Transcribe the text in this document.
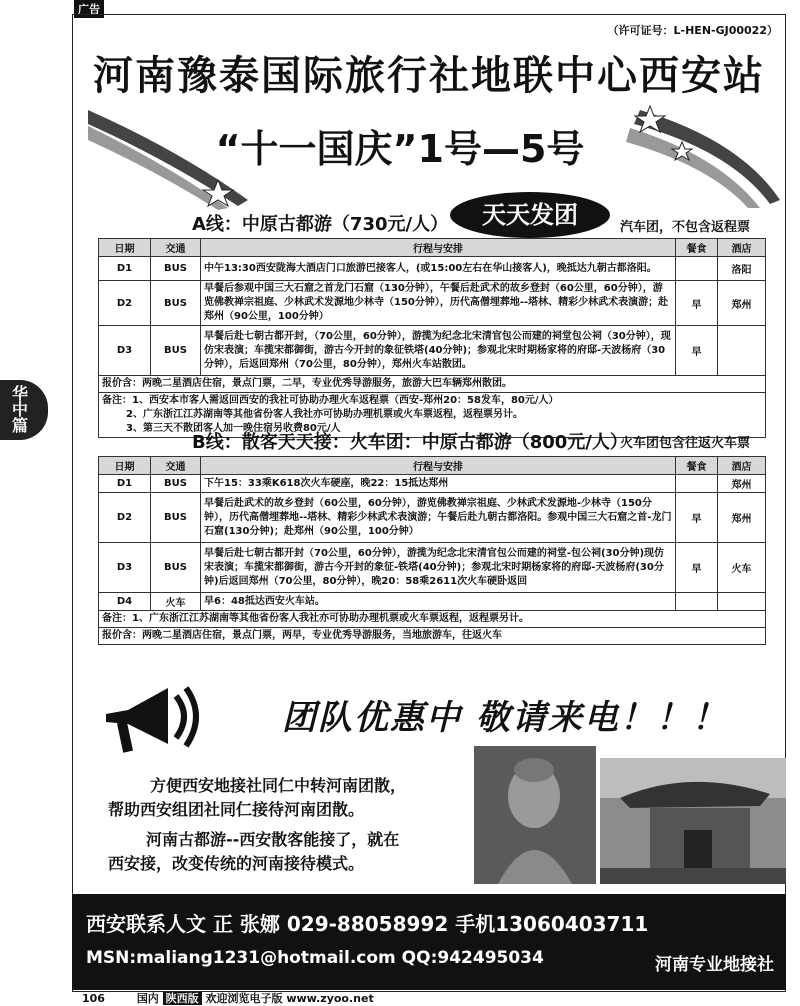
广告
（许可证号：L-HEN-GJ00022）
河南豫泰国际旅行社地联中心西安站
“十一国庆”1号—5号
天天发团
华中篇
A线：中原古都游（730元/人）	汽车团，不包含返程票
日期	交通	行程与安排	餐食	酒店
D1	BUS	中午13:30西安陇海大酒店门口旅游巴接客人，(或15:00左右在华山接客人)，晚抵达九朝古都洛阳。		洛阳
D2	BUS	早餐后参观中国三大石窟之首龙门石窟（130分钟），午餐后赴武术的故乡登封（60公里，60分钟），游览佛教禅宗祖庭、少林武术发源地少林寺（150分钟），历代高僧埋葬地--塔林、精彩少林武术表演游；赴郑州（90公里，100分钟）	早	郑州
D3	BUS	早餐后赴七朝古都开封，（70公里，60分钟），游揽为纪念北宋清官包公而建的祠堂包公祠（30分钟），现仿宋表演；车揽宋都御街，游古今开封的象征铁塔(40分钟)；参观北宋时期杨家将的府邸-天波杨府（30分钟），后返回郑州（70公里，80分钟），郑州火车站散团。	早	
报价含：两晚二星酒店住宿，景点门票，二早，专业优秀导游服务，旅游大巴车辆郑州散团。				

备注：1、西安本市客人需返回西安的我社可协助办理火车返程票（西安-郑州20：58发车，80元/人）
2、广东浙江江苏湖南等其他省份客人我社亦可协助办理机票或火车票返程，返程票另计。
3、第三天不散团客人加一晚住宿另收费80元/人				
B线：散客天天接：火车团：中原古都游（800元/人）
火车团包含往返火车票
日期	交通	行程与安排	餐食	酒店
D1	BUS	下午15：33乘K618次火车硬座，晚22：15抵达郑州		郑州
D2	BUS	早餐后赴武术的故乡登封（60公里，60分钟），游览佛教禅宗祖庭、少林武术发源地-少林寺（150分钟），历代高僧埋葬地--塔林、精彩少林武术表演游；午餐后赴九朝古都洛阳。参观中国三大石窟之首-龙门石窟(130分钟)；赴郑州（90公里，100分钟）	早	郑州
D3	BUS	早餐后赴七朝古都开封（70公里，60分钟），游揽为纪念北宋清官包公而建的祠堂-包公祠(30分钟)现仿宋表演；车揽宋都御街，游古今开封的象征-铁塔(40分钟)；参观北宋时期杨家将的府邸-天波杨府(30分钟)后返回郑州（70公里，80分钟），晚20：58乘2611次火车硬卧返回	早	火车
D4	火车	早6：48抵达西安火车站。		
备注：1、广东浙江江苏湖南等其他省份客人我社亦可协助办理机票或火车票返程，返程票另计。				
报价含：两晚二星酒店住宿，景点门票，两早，专业优秀导游服务，当地旅游车，往返火车				
团队优惠中 敬请来电！！！
方便西安地接社同仁中转河南团散，
帮助西安组团社同仁接待河南团散。
河南古都游--西安散客能接了，就在
西安接，改变传统的河南接待模式。
西安联系人文 正 张娜 029-88058992 手机13060403711
MSN:maliang1231@hotmail.com QQ:942495034	河南专业地接社
106	国内 陕西版 欢迎浏览电子版 www.zyoo.net
